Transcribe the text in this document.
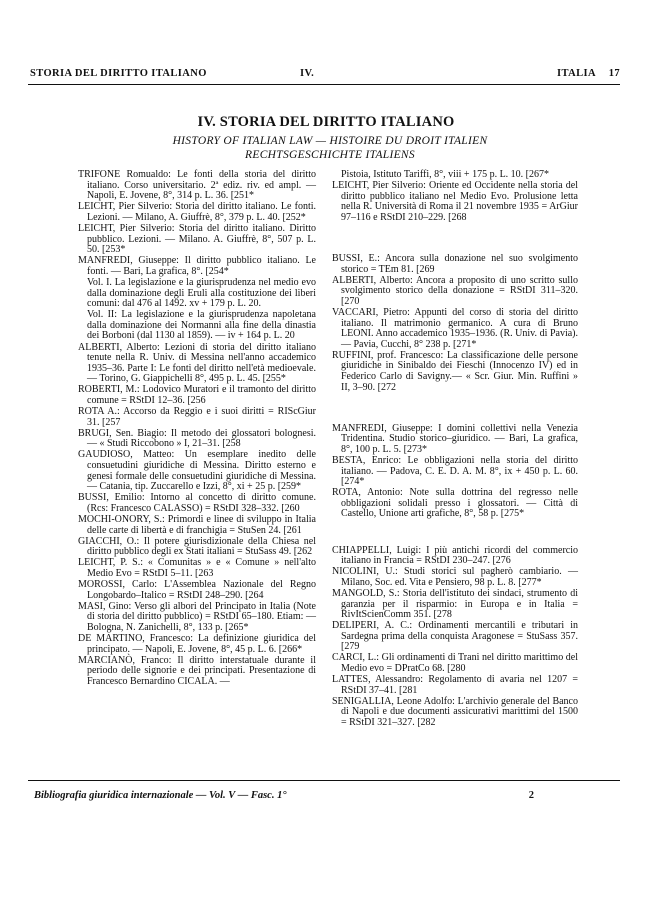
STORIA DEL DIRITTO ITALIANO	IV.	ITALIA 17
IV. STORIA DEL DIRITTO ITALIANO
HISTORY OF ITALIAN LAW — HISTOIRE DU DROIT ITALIEN
RECHTSGESCHICHTE ITALIENS

TRIFONE Romualdo: Le fonti della storia del diritto italiano. Corso universitario. 2ª ediz. riv. ed ampl. — Napoli, E. Jovene, 8°, 314 p. L. 36. [251*

LEICHT, Pier Silverio: Storia del diritto italiano. Le fonti. Lezioni. — Milano, A. Giuffrè, 8°, 379 p. L. 40. [252*

LEICHT, Pier Silverio: Storia del diritto italiano. Diritto pubblico. Lezioni. — Milano. A. Giuffrè, 8°, 507 p. L. 50. [253*

MANFREDI, Giuseppe: Il diritto pubblico italiano. Le fonti. — Bari, La grafica, 8°. [254*

Vol. I. La legislazione e la giurisprudenza nel medio evo dalla dominazione degli Eruli alla costituzione dei liberi comuni: dal 476 al 1492. xv + 179 p. L. 20.

Vol. II: La legislazione e la giurisprudenza napoletana dalla dominazione dei Normanni alla fine della dinastia dei Borboni (dal 1130 al 1859). — iv + 164 p. L. 20

ALBERTI, Alberto: Lezioni di storia del diritto italiano tenute nella R. Univ. di Messina nell'anno accademico 1935–36. Parte I: Le fonti del diritto nell'età medioevale. — Torino, G. Giappichelli 8°, 495 p. L. 45. [255*

ROBERTI, M.: Lodovico Muratori e il tramonto del diritto comune = RStDI 12–36. [256

ROTA A.: Accorso da Reggio e i suoi diritti = RIScGiur 31. [257

BRUGI, Sen. Biagio: Il metodo dei glossatori bolognesi. — « Studi Riccobono » I, 21–31. [258

GAUDIOSO, Matteo: Un esemplare inedito delle consuetudini giuridiche di Messina. Diritto esterno e genesi formale delle consuetudini giuridiche di Messina. — Catania, tip. Zuccarello e Izzi, 8°, xi + 25 p. [259*

BUSSI, Emilio: Intorno al concetto di diritto comune. (Rcs: Francesco CALASSO) = RStDI 328–332. [260

MOCHI-ONORY, S.: Primordi e linee di sviluppo in Italia delle carte di libertà e di franchigia = StuSen 24. [261

GIACCHI, O.: Il potere giurisdizionale della Chiesa nel diritto pubblico degli ex Stati italiani = StuSass 49. [262

LEICHT, P. S.: « Comunitas » e « Comune » nell'alto Medio Evo = RStDI 5–11. [263

MOROSSI, Carlo: L'Assemblea Nazionale del Regno Longobardo–Italico = RStDI 248–290. [264

MASI, Gino: Verso gli albori del Principato in Italia (Note di storia del diritto pubblico) = RStDI 65–180. Etiam: — Bologna, N. Zanichelli, 8°, 133 p. [265*

DE MARTINO, Francesco: La definizione giuridica del principato. — Napoli, E. Jovene, 8°, 45 p. L. 6. [266*

MARCIANÒ, Franco: Il diritto interstatuale durante il periodo delle signorie e dei principati. Presentazione di Francesco Bernardino CICALA. —

Pistoia, Istituto Tariffi, 8°, viii + 175 p. L. 10. [267*

LEICHT, Pier Silverio: Oriente ed Occidente nella storia del diritto pubblico italiano nel Medio Evo. Prolusione letta nella R. Università di Roma il 21 novembre 1935 = ArGiur 97–116 e RStDI 210–229. [268

BUSSI, E.: Ancora sulla donazione nel suo svolgimento storico = TEm 81. [269

ALBERTI, Alberto: Ancora a proposito di uno scritto sullo svolgimento storico della donazione = RStDI 311–320. [270

VACCARI, Pietro: Appunti del corso di storia del diritto italiano. Il matrimonio germanico. A cura di Bruno LEONI. Anno accademico 1935–1936. (R. Univ. di Pavia). — Pavia, Cucchi, 8° 238 p. [271*

RUFFINI, prof. Francesco: La classificazione delle persone giuridiche in Sinibaldo dei Fieschi (Innocenzo IV) ed in Federico Carlo di Savigny.— « Scr. Giur. Min. Ruffini » II, 3–90. [272

MANFREDI, Giuseppe: I domini collettivi nella Venezia Tridentina. Studio storico–giuridico. — Bari, La grafica, 8°, 100 p. L. 5. [273*

BESTA, Enrico: Le obbligazioni nella storia del diritto italiano. — Padova, C. E. D. A. M. 8°, ix + 450 p. L. 60. [274*

ROTA, Antonio: Note sulla dottrina del regresso nelle obbligazioni solidali presso i glossatori. — Città di Castello, Unione arti grafiche, 8°, 58 p. [275*

CHIAPPELLI, Luigi: I più antichi ricordi del commercio italiano in Francia = RStDI 230–247. [276

NICOLINI, U.: Studi storici sul pagherò cambiario. — Milano, Soc. ed. Vita e Pensiero, 98 p. L. 8. [277*

MANGOLD, S.: Storia dell'istituto dei sindaci, strumento di garanzia per il risparmio: in Europa e in Italia = RivItScienComm 351. [278

DELIPERI, A. C.: Ordinamenti mercantili e tributari in Sardegna prima della conquista Aragonese = StuSass 357. [279

CARCI, L.: Gli ordinamenti di Trani nel diritto marittimo del Medio evo = DPratCo 68. [280

LATTES, Alessandro: Regolamento di avaria nel 1207 = RStDI 37–41. [281

SENIGALLIA, Leone Adolfo: L'archivio generale del Banco di Napoli e due documenti assicurativi marittimi del 1500 = RStDI 321–327. [282

Bibliografia giuridica internazionale — Vol. V — Fasc. 1°	2
